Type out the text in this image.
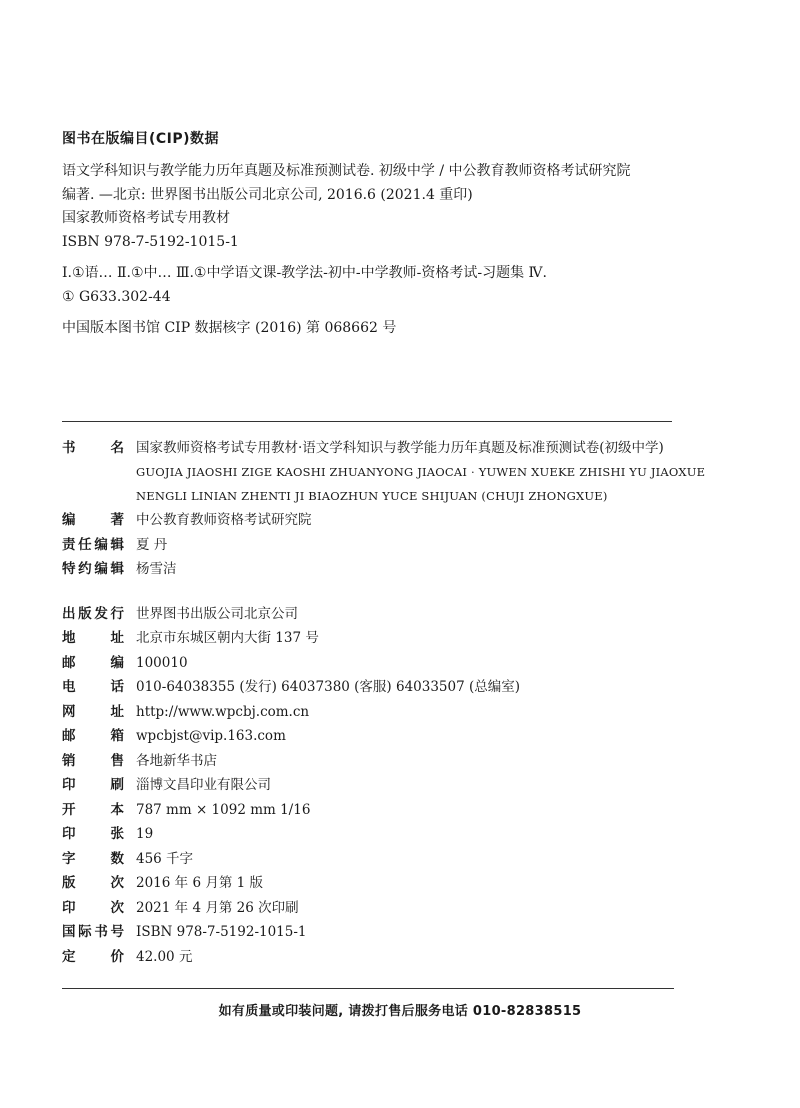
图书在版编目(CIP)数据
语文学科知识与教学能力历年真题及标准预测试卷. 初级中学 / 中公教育教师资格考试研究院
编著. —北京: 世界图书出版公司北京公司, 2016.6 (2021.4 重印)
国家教师资格考试专用教材
ISBN 978-7-5192-1015-1
Ⅰ.①语… Ⅱ.①中… Ⅲ.①中学语文课-教学法-初中-中学教师-资格考试-习题集 Ⅳ.
① G633.302-44
中国版本图书馆 CIP 数据核字 (2016) 第 068662 号
书名 国家教师资格考试专用教材·语文学科知识与教学能力历年真题及标准预测试卷(初级中学)
GUOJIA JIAOSHI ZIGE KAOSHI ZHUANYONG JIAOCAI · YUWEN XUEKE ZHISHI YU JIAOXUE
NENGLI LINIAN ZHENTI JI BIAOZHUN YUCE SHIJUAN (CHUJI ZHONGXUE)
编著 中公教育教师资格考试研究院
责任编辑 夏 丹
特约编辑 杨雪洁
出版发行 世界图书出版公司北京公司
地址 北京市东城区朝内大街 137 号
邮编 100010
电话 010-64038355 (发行) 64037380 (客服) 64033507 (总编室)
网址 http://www.wpcbj.com.cn
邮箱 wpcbjst@vip.163.com
销售 各地新华书店
印刷 淄博文昌印业有限公司
开本 787 mm × 1092 mm 1/16
印张 19
字数 456 千字
版次 2016 年 6 月第 1 版
印次 2021 年 4 月第 26 次印刷
国际书号 ISBN 978-7-5192-1015-1
定价 42.00 元
如有质量或印装问题, 请拨打售后服务电话 010-82838515
